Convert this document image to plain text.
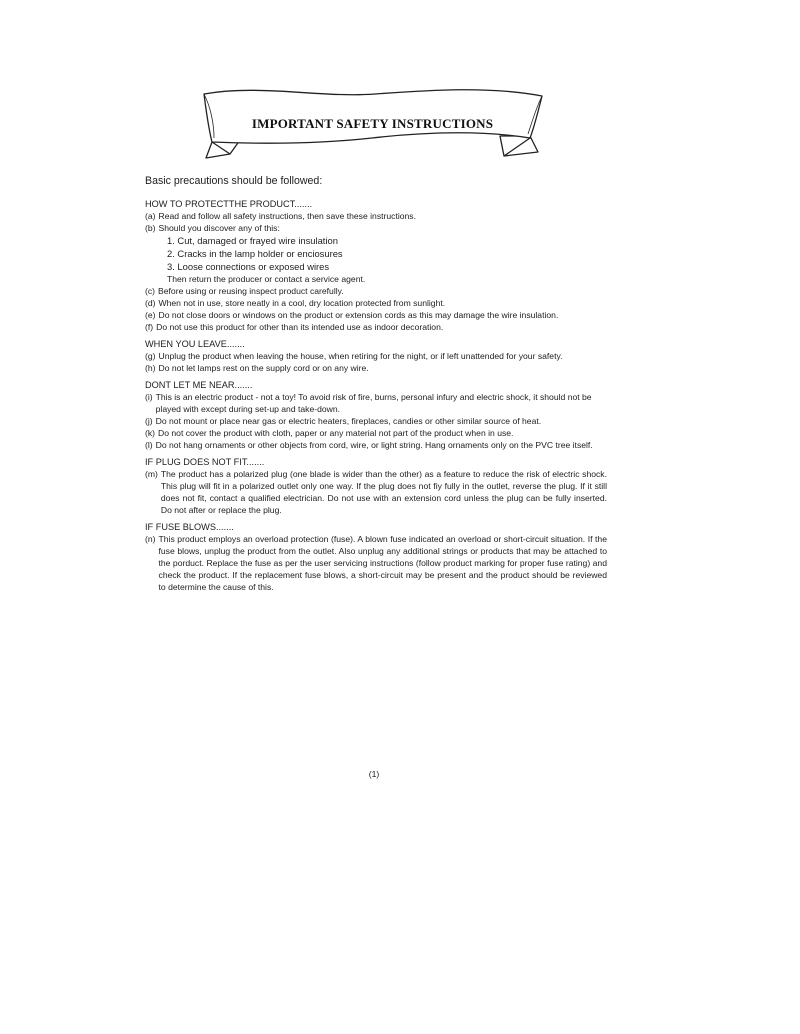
IMPORTANT SAFETY INSTRUCTIONS
Basic precautions should be followed:
HOW TO PROTECTTHE PRODUCT.......
(a) Read and follow all safety instructions, then save these instructions.
(b) Should you discover any of this:
1. Cut, damaged or frayed wire insulation
2. Cracks in the lamp holder or enciosures
3. Loose connections or exposed wires
Then return the producer or contact a service agent.
(c) Before using or reusing inspect product carefully.
(d) When not in use, store neatly in a cool, dry location protected from sunlight.
(e) Do not close doors or windows on the product or extension cords as this may damage the wire insulation.
(f) Do not use this product for other than its intended use as indoor decoration.
WHEN YOU LEAVE.......
(g) Unplug the product when leaving the house, when retiring for the night, or if left unattended for your safety.
(h) Do not let lamps rest on the supply cord or on any wire.
DONT LET ME NEAR.......
(i) This is an electric product - not a toy! To avoid risk of fire, burns, personal infury and electric shock, it should not be played with except during set-up and take-down.
(j) Do not mount or place near gas or electric heaters, fireplaces, candies or other similar source of heat.
(k) Do not cover the product with cloth, paper or any material not part of the product when in use.
(l) Do not hang ornaments or other objects from cord, wire, or light string. Hang ornaments only on the PVC tree itself.
IF PLUG DOES NOT FIT.......
(m) The product has a polarized plug (one blade is wider than the other) as a feature to reduce the risk of electric shock. This plug will fit in a polarized outlet only one way. If the plug does not fiy fully in the outlet, reverse the plug. If it still does not fit, contact a qualified electrician. Do not use with an extension cord unless the plug can be fully inserted. Do not after or replace the plug.
IF FUSE BLOWS.......
(n) This product employs an overload protection (fuse). A blown fuse indicated an overload or short-circuit situation. If the fuse blows, unplug the product from the outlet. Also unplug any additional strings or products that may be attached to the porduct. Replace the fuse as per the user servicing instructions (follow product marking for proper fuse rating) and check the product. If the replacement fuse blows, a short-circuit may be present and the product should be reviewed to determine the cause of this.
(1)
